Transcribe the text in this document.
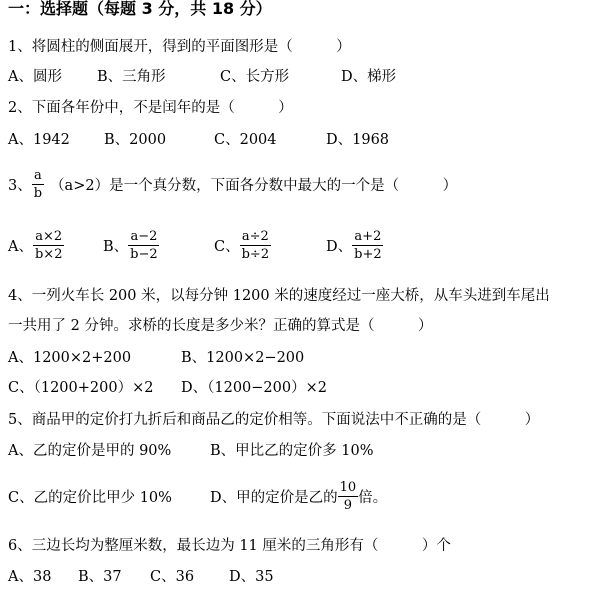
一：选择题（每题 3 分，共 18 分）
1、将圆柱的侧面展开，得到的平面图形是（　　　）
A、圆形 B、三角形	C、长方形	D、梯形
2、下面各年份中，不是闰年的是（　　　）
A、1942 B、2000	C、2004	D、1968
3、 $\frac{a}{b} (a>2)$是一个真分数，下面各分数中最大的一个是（　　　）
A、 $\frac{a\times 2}{b\times 2}$	B、 $\frac{a-2}{b-2}$	C、 $\frac{a\div 2}{b\div 2}$	D、 $\frac{a+2}{b+2}$
4、一列火车长 200 米，以每分钟 1200 米的速度经过一座大桥，从车头进到车尾出
一共用了 2 分钟。求桥的长度是多少米？正确的算式是（　　　）
A、1200×2+200	B、1200×2−200
C、（1200+200）×2 D、（1200−200）×2
5、商品甲的定价打九折后和商品乙的定价相等。下面说法中不正确的是（　　　）
A、乙的定价是甲的 90%	B、甲比乙的定价多 10%
C、乙的定价比甲少 10%	D、甲的定价是乙的 $\frac{10}{9}$ 倍。
6、三边长均为整厘米数，最长边为 11 厘米的三角形有（　　　）个
A、38 B、37 C、36 D、35
